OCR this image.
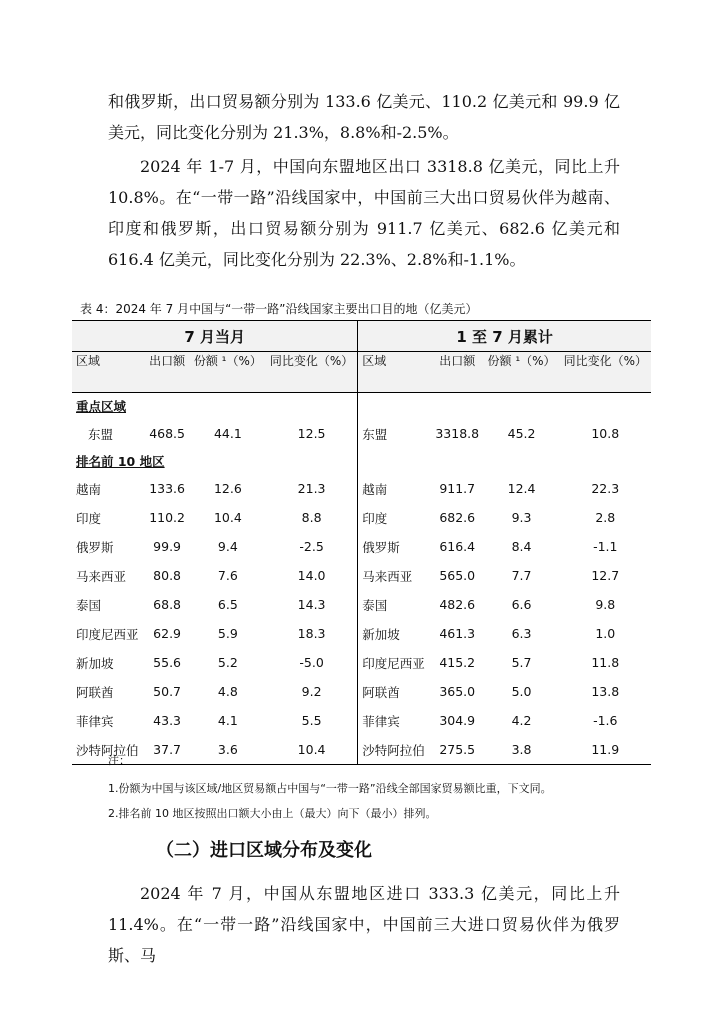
和俄罗斯，出口贸易额分别为 133.6 亿美元、110.2 亿美元和 99.9 亿美元，同比变化分别为 21.3%，8.8%和-2.5%。

2024 年 1-7 月，中国向东盟地区出口 3318.8 亿美元，同比上升 10.8%。在“一带一路”沿线国家中，中国前三大出口贸易伙伴为越南、印度和俄罗斯，出口贸易额分别为 911.7 亿美元、682.6 亿美元和 616.4 亿美元，同比变化分别为 22.3%、2.8%和-1.1%。

表 4：2024 年 7 月中国与“一带一路”沿线国家主要出口目的地（亿美元）
7 月当月				1 至 7 月累计			
区域	出口额	份额 ¹（%）	同比变化（%）	区域	出口额	份额 ¹（%）	同比变化（%）
重点区域							
东盟	468.5	44.1	12.5	东盟	3318.8	45.2	10.8
排名前 10 地区							
越南	133.6	12.6	21.3	越南	911.7	12.4	22.3
印度	110.2	10.4	8.8	印度	682.6	9.3	2.8
俄罗斯	99.9	9.4	-2.5	俄罗斯	616.4	8.4	-1.1
马来西亚	80.8	7.6	14.0	马来西亚	565.0	7.7	12.7
泰国	68.8	6.5	14.3	泰国	482.6	6.6	9.8
印度尼西亚	62.9	5.9	18.3	新加坡	461.3	6.3	1.0
新加坡	55.6	5.2	-5.0	印度尼西亚	415.2	5.7	11.8
阿联酋	50.7	4.8	9.2	阿联酋	365.0	5.0	13.8
菲律宾	43.3	4.1	5.5	菲律宾	304.9	4.2	-1.6
沙特阿拉伯	37.7	3.6	10.4	沙特阿拉伯	275.5	3.8	11.9
注：
1.份额为中国与该区域/地区贸易额占中国与“一带一路”沿线全部国家贸易额比重，下文同。
2.排名前 10 地区按照出口额大小由上（最大）向下（最小）排列。
（二）进口区域分布及变化

2024 年 7 月，中国从东盟地区进口 333.3 亿美元，同比上升 11.4%。在“一带一路”沿线国家中，中国前三大进口贸易伙伴为俄罗斯、马
